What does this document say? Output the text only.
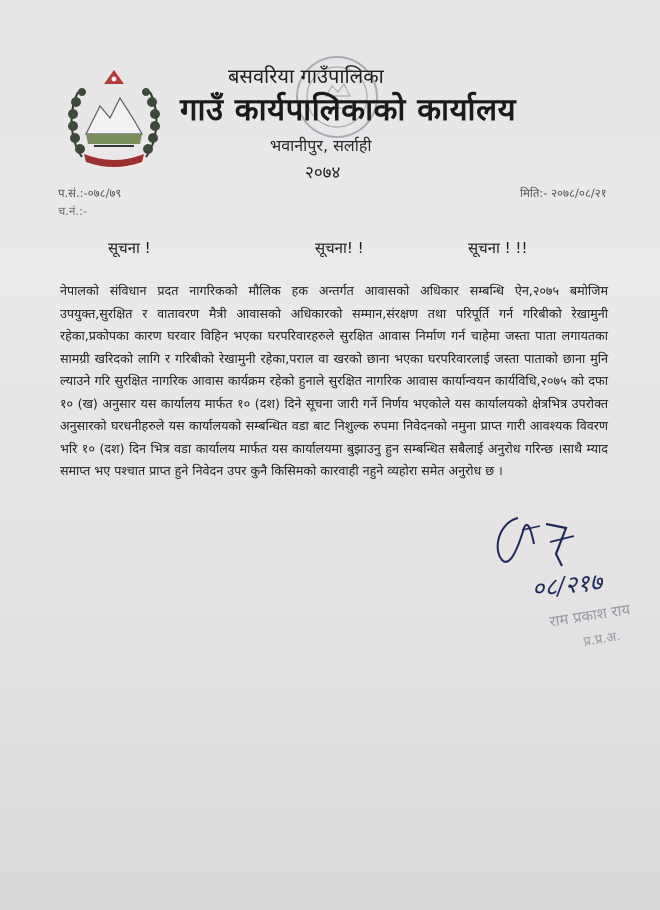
बसवरिया गाउँपालिका
गाउँ कार्यपालिकाको कार्यालय
भवानीपुर, सर्लाही
२०७४
प.सं.:-०७८/७९
च.नं.:-
मिति:- २०७८/०८/२१
सूचना !	सूचना! !	सूचना ! !!
नेपालको संविधान प्रदत नागरिकको मौलिक हक अन्तर्गत आवासको अधिकार सम्बन्धि ऐन,२०७५ बमोजिम उपयुक्त,सुरक्षित र वातावरण मैत्री आवासको अधिकारको सम्मान,संरक्षण तथा परिपूर्ति गर्न गरिबीको रेखामुनी रहेका,प्रकोपका कारण घरवार विहिन भएका घरपरिवारहरुले सुरक्षित आवास निर्माण गर्न चाहेमा जस्ता पाता लगायतका सामग्री खरिदको लागि र गरिबीको रेखामुनी रहेका,पराल वा खरको छाना भएका घरपरिवारलाई जस्ता पाताको छाना मुनि ल्याउने गरि सुरक्षित नागरिक आवास कार्यक्रम रहेको हुनाले सुरक्षित नागरिक आवास कार्यान्वयन कार्यविधि,२०७५ को दफा १० (ख) अनुसार यस कार्यालय मार्फत १० (दश) दिने सूचना जारी गर्ने निर्णय भएकोले यस कार्यालयको क्षेत्रभित्र उपरोक्त अनुसारको घरधनीहरुले यस कार्यालयको सम्बन्धित वडा बाट निशुल्क रुपमा निवेदनको नमुना प्राप्त गारी आवश्यक विवरण भरि १० (दश) दिन भित्र वडा कार्यालय मार्फत यस कार्यालयमा बुझाउनु हुन सम्बन्धित सबैलाई अनुरोध गरिन्छ ।साथै म्याद समाप्त भए पश्चात प्राप्त हुने निवेदन उपर कुनै किसिमको कारवाही नहुने व्यहोरा समेत अनुरोध छ ।
०८/२१७
राम प्रकाश राय
प्र.प्र.अ.
